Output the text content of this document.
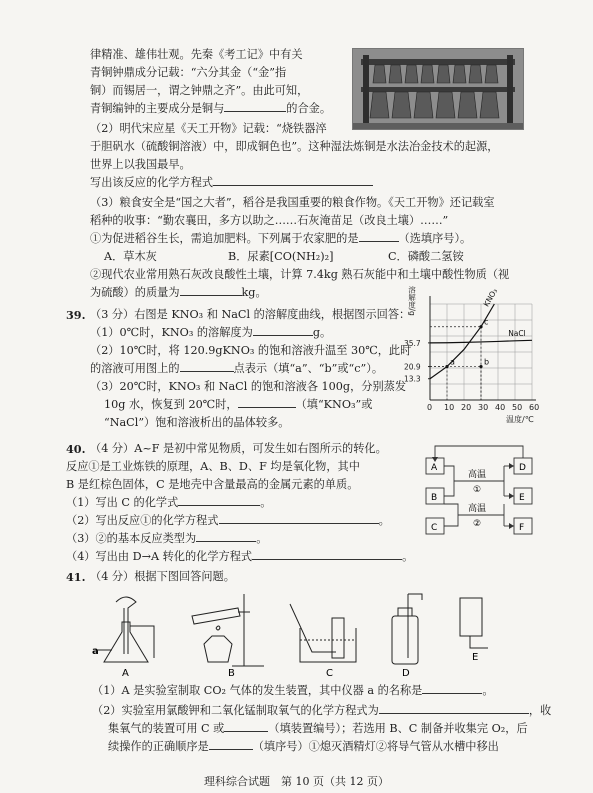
律精准、雄伟壮观。先秦《考工记》中有关
青铜钟鼎成分记载：“六分其金（“金”指
铜）而锡居一，谓之钟鼎之齐”。由此可知，
青铜编钟的主要成分是铜与	的合金。
（2）明代宋应星《天工开物》记载：“烧铁器淬
于胆矾水（硫酸铜溶液）中，即成铜色也”。这种湿法炼铜是水法冶金技术的起源，
世界上以我国最早。
写出该反应的化学方程式
（3）粮食安全是“国之大者”，稻谷是我国重要的粮食作物。《天工开物》还记载室
稻种的收事：“勤农襄田，多方以助之……石灰淹苗足（改良土壤）……”
①为促进稻谷生长，需追加肥料。下列属于农家肥的是	（选填序号）。
A．草木灰	B．尿素[CO(NH₂)₂]	C．磷酸二氢铵
②现代农业常用熟石灰改良酸性土壤，计算 7.4kg 熟石灰能中和土壤中酸性物质（视
为硫酸）的质量为	kg。
39. （3 分）右图是 KNO₃ 和 NaCl 的溶解度曲线，根据图示回答：
（1）0℃时，KNO₃ 的溶解度为	g。
（2）10℃时，将 120.9gKNO₃ 的饱和溶液升温至 30℃，此时
的溶液可用图上的	点表示（填“a”、“b”或“c”）。
（3）20℃时，KNO₃ 和 NaCl 的饱和溶液各 100g，分别蒸发
10g 水，恢复到 20℃时，	（填“KNO₃”或
“NaCl”）饱和溶液析出的晶体较多。
0 10 20 30 40 50 60
35.7
20.9
13.3
KNO₃
NaCl
a	b
c
溶解度/g
温度/℃
40. （4 分）A~F 是初中常见物质，可发生如右图所示的转化。
反应①是工业炼铁的原理，A、B、D、F 均是氧化物，其中
B 是红棕色固体，C 是地壳中含量最高的金属元素的单质。
（1）写出 C 的化学式	。
（2）写出反应①的化学方程式	。
（3）②的基本反应类型为	。
（4）写出由 D→A 转化的化学方程式	。
A
B
C
D
E
F
高温
①
高温
②
41. （4 分）根据下图回答问题。
a
A	B	C	D
E
（1）A 是实验室制取 CO₂ 气体的发生装置，其中仪器 a 的名称是	。
（2）实验室用氯酸钾和二氧化锰制取氧气的化学方程式为	，收
集氧气的装置可用 C 或	（填装置编号）；若选用 B、C 制备并收集完 O₂，后
续操作的正确顺序是	（填序号）①熄灭酒精灯②将导气管从水槽中移出
理科综合试题　第 10 页（共 12 页）
